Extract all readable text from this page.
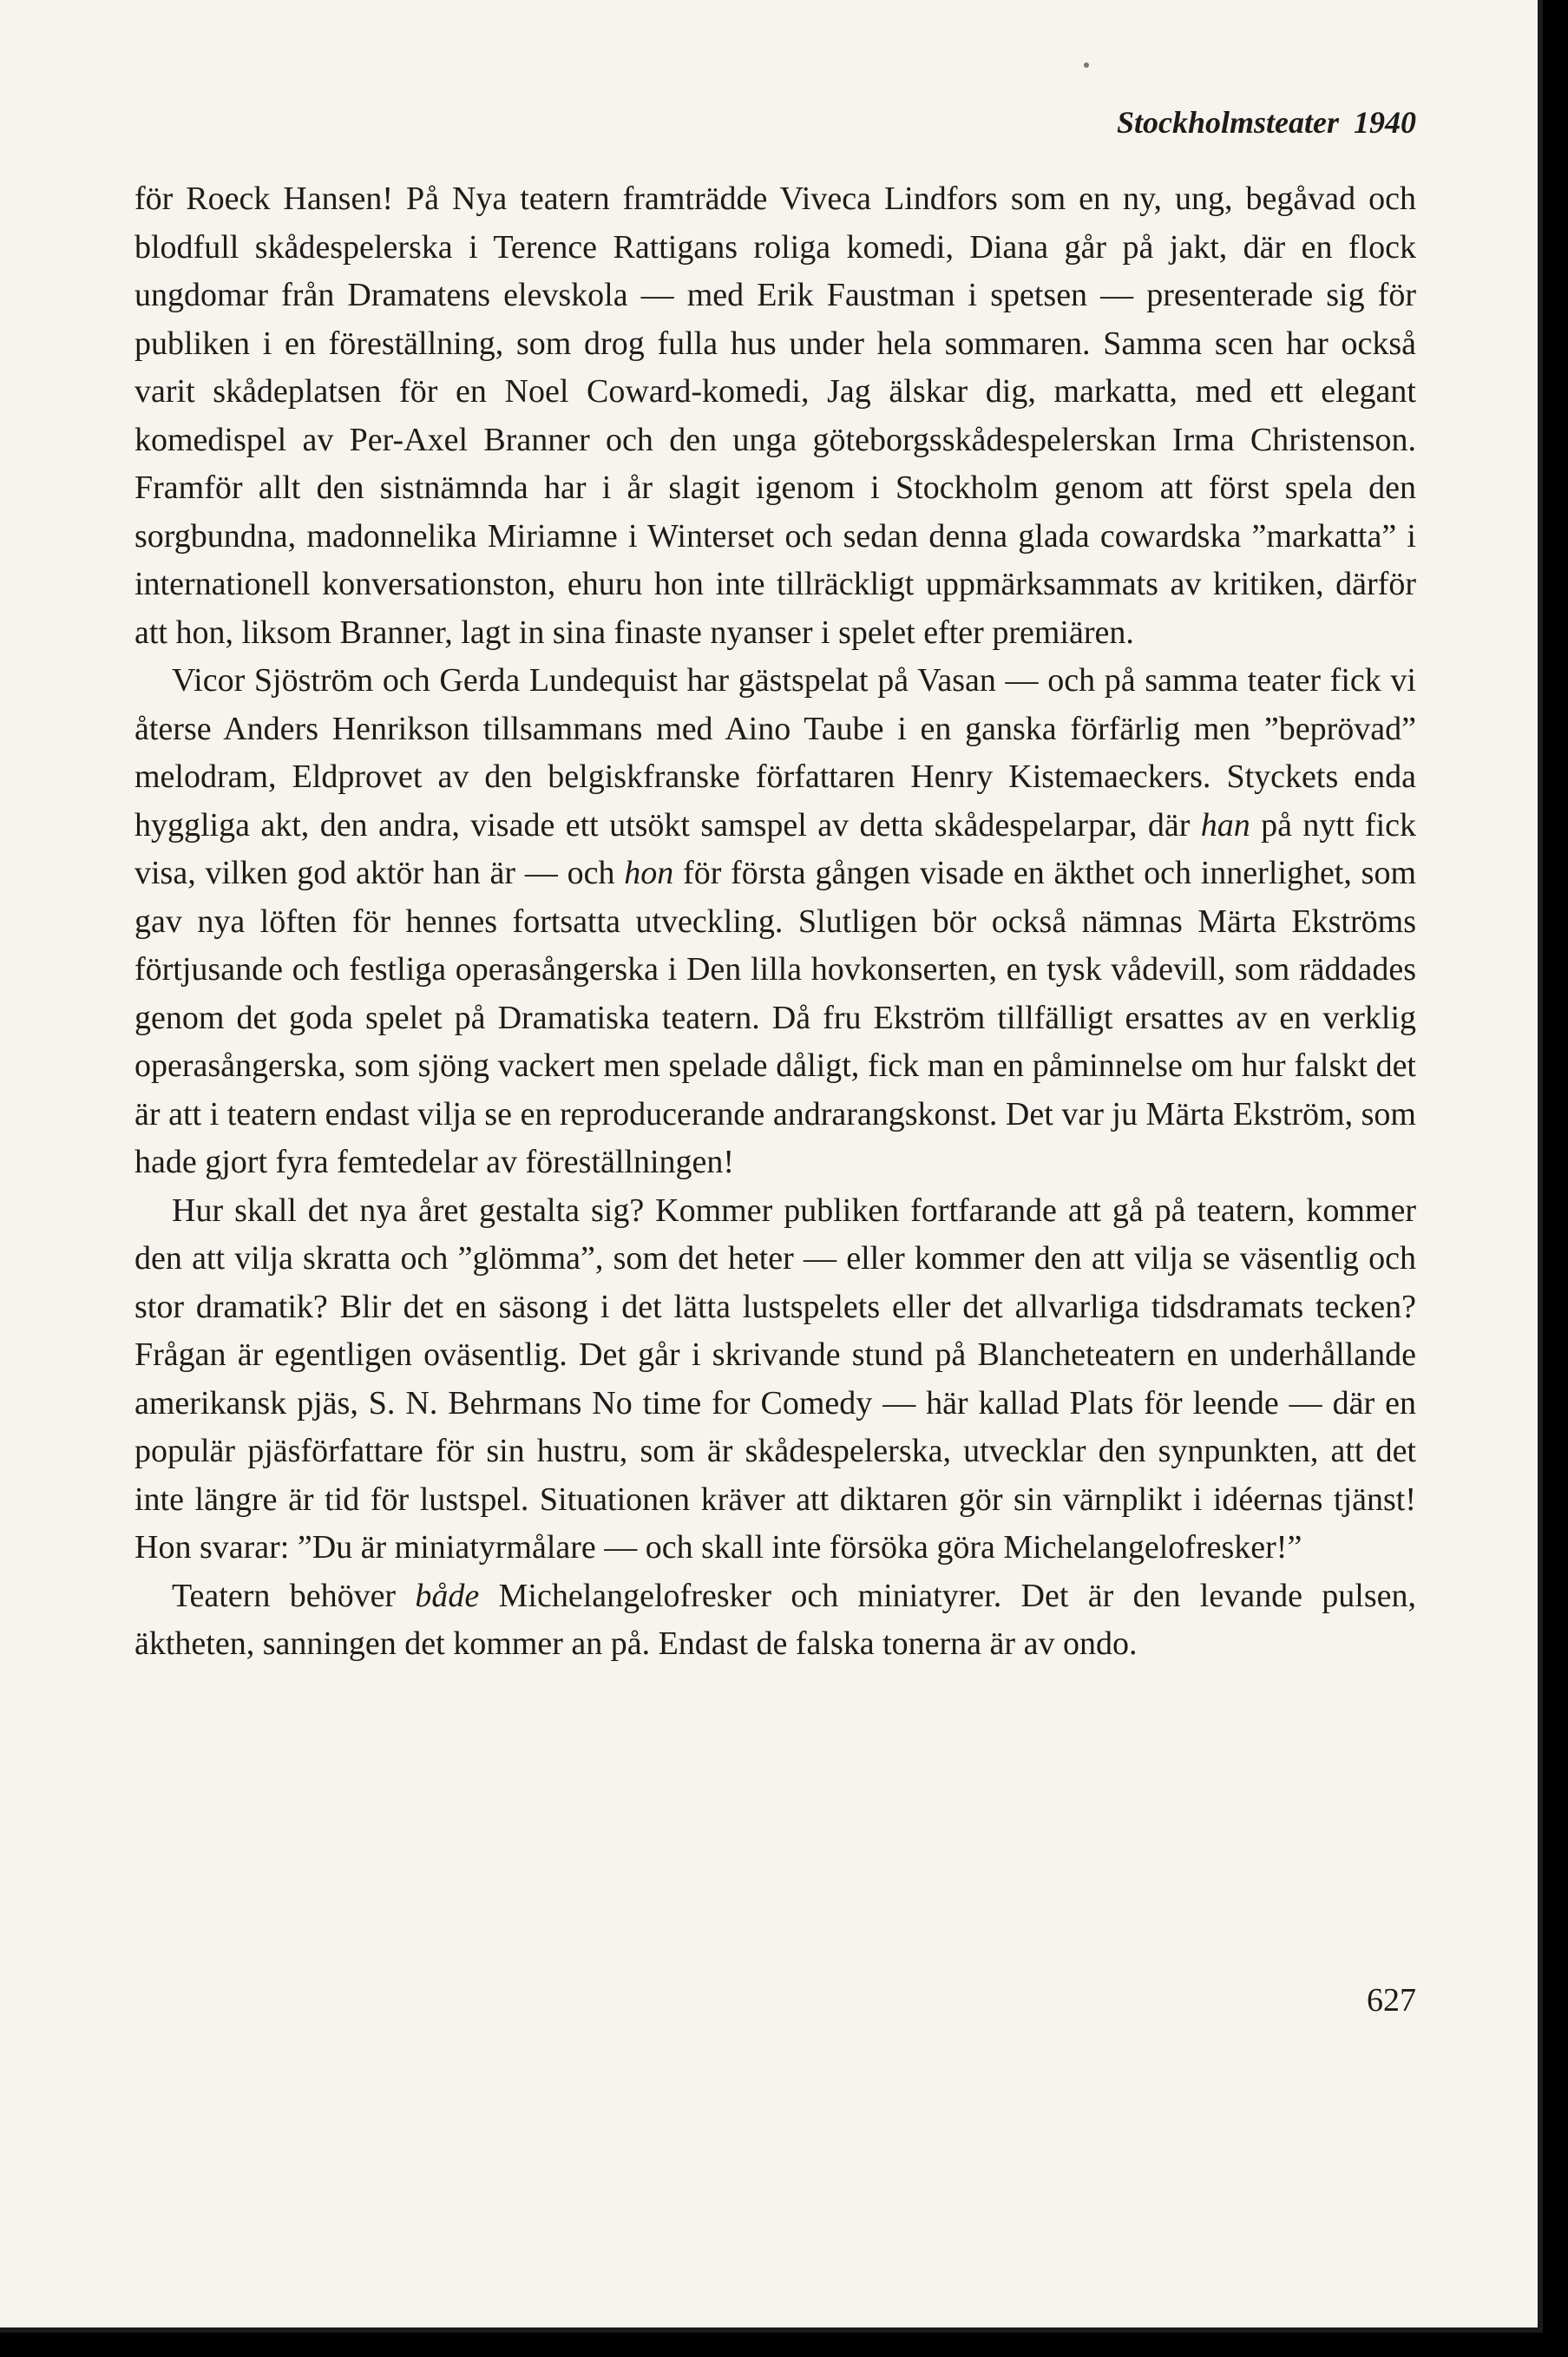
Stockholmsteater 1940

för Roeck Hansen! På Nya teatern framträdde Viveca Lindfors som en ny, ung, begåvad och blodfull skådespelerska i Terence Rattigans roliga komedi, Diana går på jakt, där en flock ungdomar från Dramatens elevskola — med Erik Faustman i spetsen — presenterade sig för publiken i en föreställning, som drog fulla hus under hela sommaren. Samma scen har också varit skådeplatsen för en Noel Coward-komedi, Jag älskar dig, markatta, med ett elegant komedispel av Per-Axel Branner och den unga göteborgsskådespelerskan Irma Christenson. Framför allt den sistnämnda har i år slagit igenom i Stockholm genom att först spela den sorgbundna, madonnelika Miriamne i Winterset och sedan denna glada cowardska ”markatta” i internationell konversationston, ehuru hon inte tillräckligt uppmärksammats av kritiken, därför att hon, liksom Branner, lagt in sina finaste nyanser i spelet efter premiären.

Vicor Sjöström och Gerda Lundequist har gästspelat på Vasan — och på samma teater fick vi återse Anders Henrikson tillsammans med Aino Taube i en ganska förfärlig men ”beprövad” melodram, Eldprovet av den belgiskfranske författaren Henry Kistemaeckers. Styckets enda hyggliga akt, den andra, visade ett utsökt samspel av detta skådespelarpar, där han på nytt fick visa, vilken god aktör han är — och hon för första gången visade en äkthet och innerlighet, som gav nya löften för hennes fortsatta utveckling. Slutligen bör också nämnas Märta Ekströms förtjusande och festliga operasångerska i Den lilla hovkonserten, en tysk vådevill, som räddades genom det goda spelet på Dramatiska teatern. Då fru Ekström tillfälligt ersattes av en verklig operasångerska, som sjöng vackert men spelade dåligt, fick man en påminnelse om hur falskt det är att i teatern endast vilja se en reproducerande andrarangskonst. Det var ju Märta Ekström, som hade gjort fyra femtedelar av föreställningen!

Hur skall det nya året gestalta sig? Kommer publiken fortfarande att gå på teatern, kommer den att vilja skratta och ”glömma”, som det heter — eller kommer den att vilja se väsentlig och stor dramatik? Blir det en säsong i det lätta lustspelets eller det allvarliga tidsdramats tecken? Frågan är egentligen oväsentlig. Det går i skrivande stund på Blancheteatern en underhållande amerikansk pjäs, S. N. Behrmans No time for Comedy — här kallad Plats för leende — där en populär pjäsförfattare för sin hustru, som är skådespelerska, utvecklar den synpunkten, att det inte längre är tid för lustspel. Situationen kräver att diktaren gör sin värnplikt i idéernas tjänst! Hon svarar: ”Du är miniatyrmålare — och skall inte försöka göra Michelangelofresker!”

Teatern behöver både Michelangelofresker och miniatyrer. Det är den levande pulsen, äktheten, sanningen det kommer an på. Endast de falska tonerna är av ondo.

627
